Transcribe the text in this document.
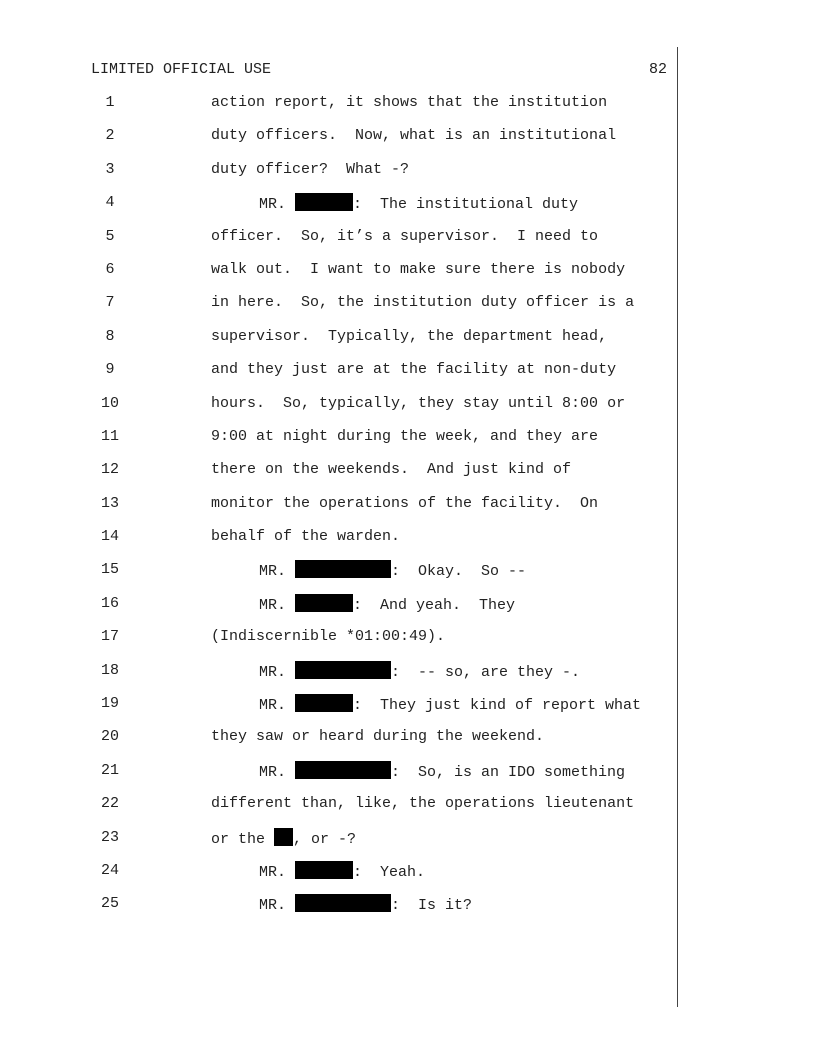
LIMITED OFFICIAL USE	82
1	action report, it shows that the institution
2	duty officers.  Now, what is an institutional
3	duty officer?  What -?
4	MR.	:  The institutional duty
5	officer.  So, it’s a supervisor.  I need to
6	walk out.  I want to make sure there is nobody
7	in here.  So, the institution duty officer is a
8	supervisor.  Typically, the department head,
9	and they just are at the facility at non-duty
10	hours.  So, typically, they stay until 8:00 or
11	9:00 at night during the week, and they are
12	there on the weekends.  And just kind of
13	monitor the operations of the facility.  On
14	behalf of the warden.
15	MR.	:  Okay.  So --
16	MR.	:  And yeah.  They
17	(Indiscernible *01:00:49).
18	MR.	:  -- so, are they -.
19	MR.	:  They just kind of report what
20	they saw or heard during the weekend.
21	MR.	:  So, is an IDO something
22	different than, like, the operations lieutenant
23	or the , or -?
24	MR.	:  Yeah.
25	MR.	:  Is it?
